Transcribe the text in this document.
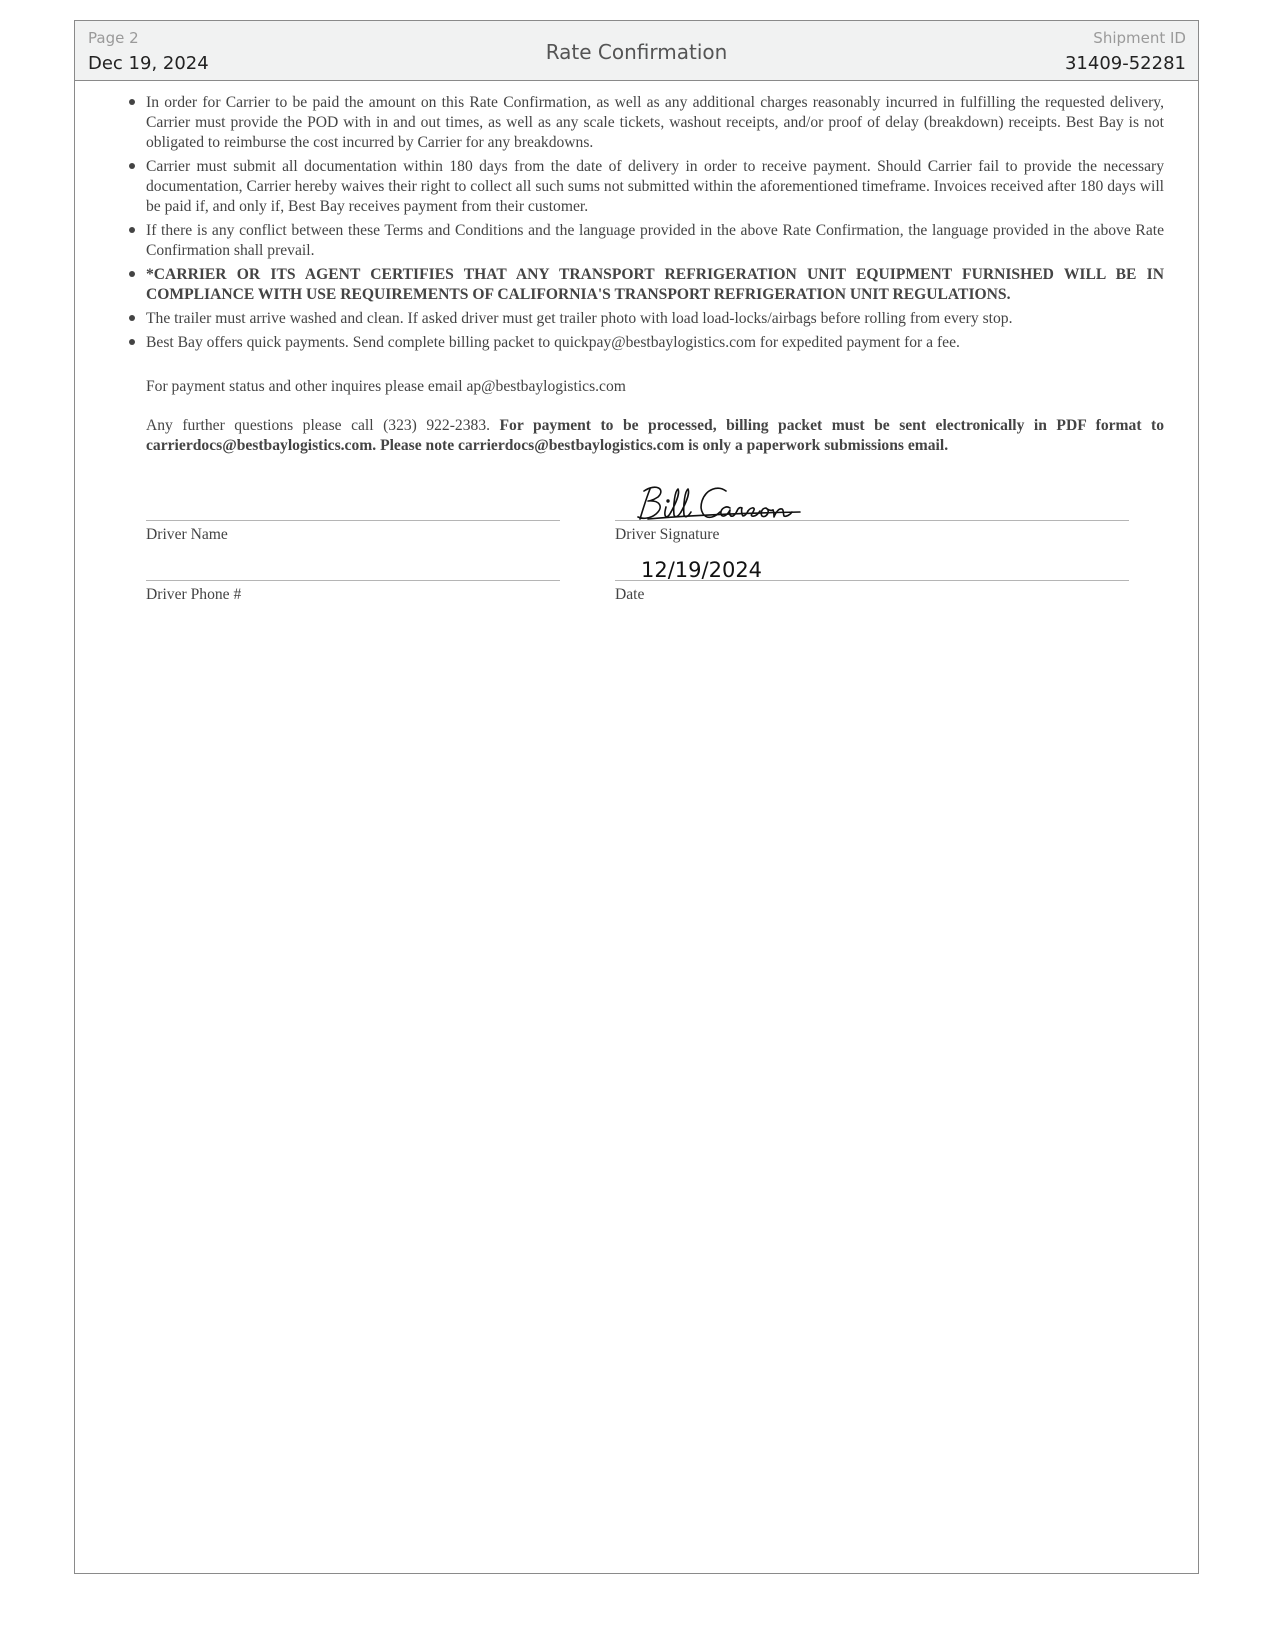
Page 2
Dec 19, 2024	Rate Confirmation
Shipment ID
31409-52281
In order for Carrier to be paid the amount on this Rate Confirmation, as well as any additional charges reasonably incurred in fulfilling the requested delivery, Carrier must provide the POD with in and out times, as well as any scale tickets, washout receipts, and/or proof of delay (breakdown) receipts. Best Bay is not obligated to reimburse the cost incurred by Carrier for any breakdowns.
Carrier must submit all documentation within 180 days from the date of delivery in order to receive payment. Should Carrier fail to provide the necessary documentation, Carrier hereby waives their right to collect all such sums not submitted within the aforementioned timeframe. Invoices received after 180 days will be paid if, and only if, Best Bay receives payment from their customer.
If there is any conflict between these Terms and Conditions and the language provided in the above Rate Confirmation, the language provided in the above Rate Confirmation shall prevail.
*CARRIER OR ITS AGENT CERTIFIES THAT ANY TRANSPORT REFRIGERATION UNIT EQUIPMENT FURNISHED WILL BE IN COMPLIANCE WITH USE REQUIREMENTS OF CALIFORNIA'S TRANSPORT REFRIGERATION UNIT REGULATIONS.
The trailer must arrive washed and clean. If asked driver must get trailer photo with load load-locks/airbags before rolling from every stop.
Best Bay offers quick payments. Send complete billing packet to quickpay@bestbaylogistics.com for expedited payment for a fee.

For payment status and other inquires please email ap@bestbaylogistics.com

Any further questions please call (323) 922-2383. For payment to be processed, billing packet must be sent electronically in PDF format to carrierdocs@bestbaylogistics.com. Please note carrierdocs@bestbaylogistics.com is only a paperwork submissions email.

Driver Name	Driver Signature
Driver Phone #	Date
12/19/2024
